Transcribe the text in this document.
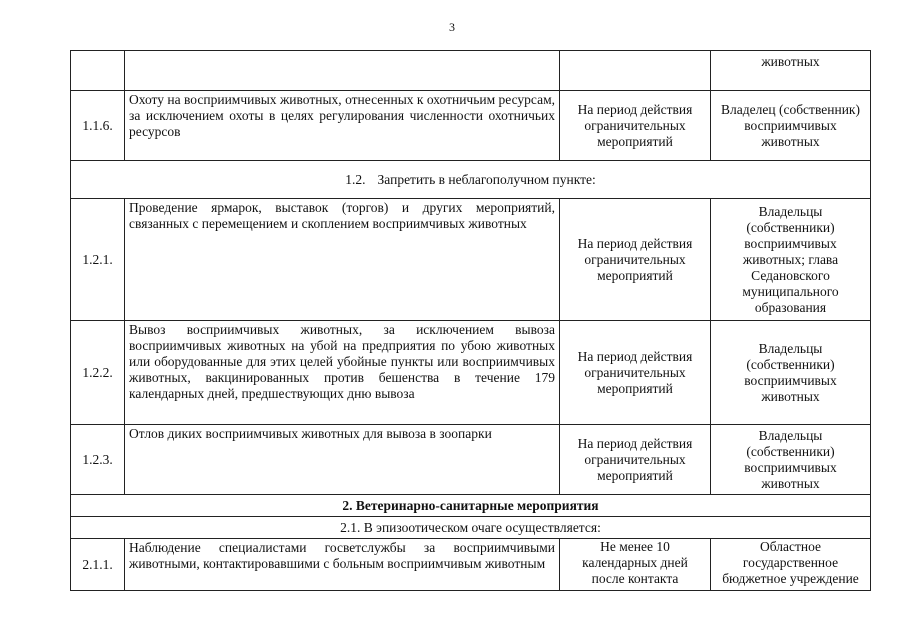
3
			животных
1.1.6.	Охоту на восприимчивых животных, отнесенных к охотничьим ресурсам, за исключением охоты в целях регулирования численности охотничьих ресурсов	На период действия ограничительных мероприятий	Владелец (собственник) восприимчивых животных
1.2. Запретить в неблагополучном пункте:			
1.2.1.	Проведение ярмарок, выставок (торгов) и других мероприятий, связанных с перемещением и скоплением восприимчивых животных	На период действия ограничительных мероприятий	Владельцы (собственники) восприимчивых животных; глава Седановского муниципального образования
1.2.2.	Вывоз восприимчивых животных, за исключением вывоза восприимчивых животных на убой на предприятия по убою животных или оборудованные для этих целей убойные пункты или восприимчивых животных, вакцинированных против бешенства в течение 179 календарных дней, предшествующих дню вывоза	На период действия ограничительных мероприятий	Владельцы (собственники) восприимчивых животных
1.2.3.	Отлов диких восприимчивых животных для вывоза в зоопарки	На период действия ограничительных мероприятий	Владельцы (собственники) восприимчивых животных
2. Ветеринарно-санитарные мероприятия			
2.1. В эпизоотическом очаге осуществляется:			
2.1.1.	Наблюдение специалистами госветслужбы за восприимчивыми животными, контактировавшими с больным восприимчивым животным	Не менее 10 календарных дней после контакта	Областное государственное бюджетное учреждение
